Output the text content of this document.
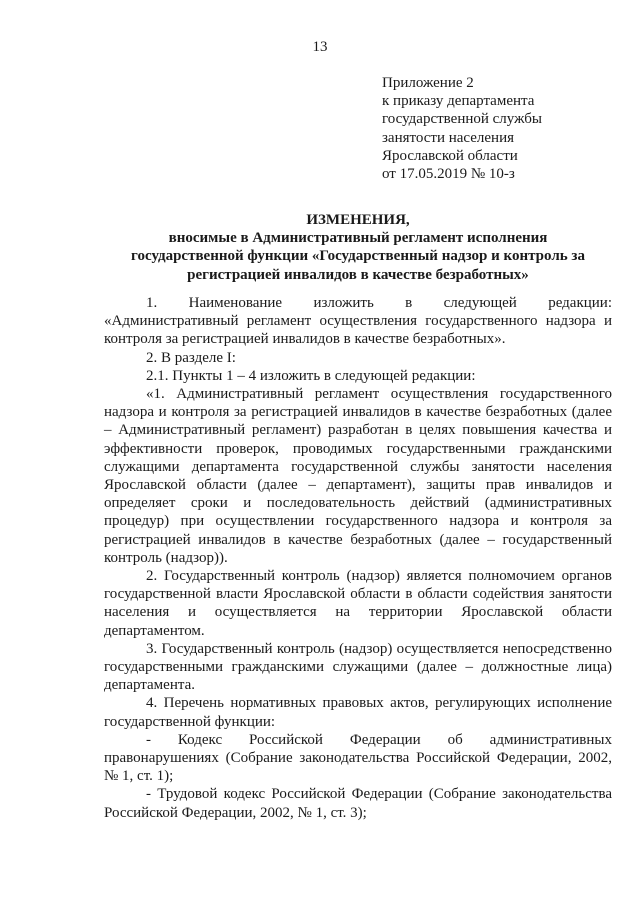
13
Приложение 2
к приказу департамента
государственной службы
занятости населения
Ярославской области
от 17.05.2019 № 10-з
ИЗМЕНЕНИЯ,
вносимые в Административный регламент исполнения
государственной функции «Государственный надзор и контроль за
регистрацией инвалидов в качестве безработных»

1. Наименование изложить в следующей редакции: «Административный регламент осуществления государственного надзора и контроля за регистрацией инвалидов в качестве безработных».

2. В разделе I:

2.1. Пункты 1 – 4 изложить в следующей редакции:

«1. Административный регламент осуществления государственного надзора и контроля за регистрацией инвалидов в качестве безработных (далее – Административный регламент) разработан в целях повышения качества и эффективности проверок, проводимых государственными гражданскими служащими департамента государственной службы занятости населения Ярославской области (далее – департамент), защиты прав инвалидов и определяет сроки и последовательность действий (административных процедур) при осуществлении государственного надзора и контроля за регистрацией инвалидов в качестве безработных (далее – государственный контроль (надзор)).

2. Государственный контроль (надзор) является полномочием органов государственной власти Ярославской области в области содействия занятости населения и осуществляется на территории Ярославской области департаментом.

3. Государственный контроль (надзор) осуществляется непосредственно государственными гражданскими служащими (далее – должностные лица) департамента.

4. Перечень нормативных правовых актов, регулирующих исполнение государственной функции:

- Кодекс Российской Федерации об административных правонарушениях (Собрание законодательства Российской Федерации, 2002, № 1, ст. 1);

- Трудовой кодекс Российской Федерации (Собрание законодательства Российской Федерации, 2002, № 1, ст. 3);
